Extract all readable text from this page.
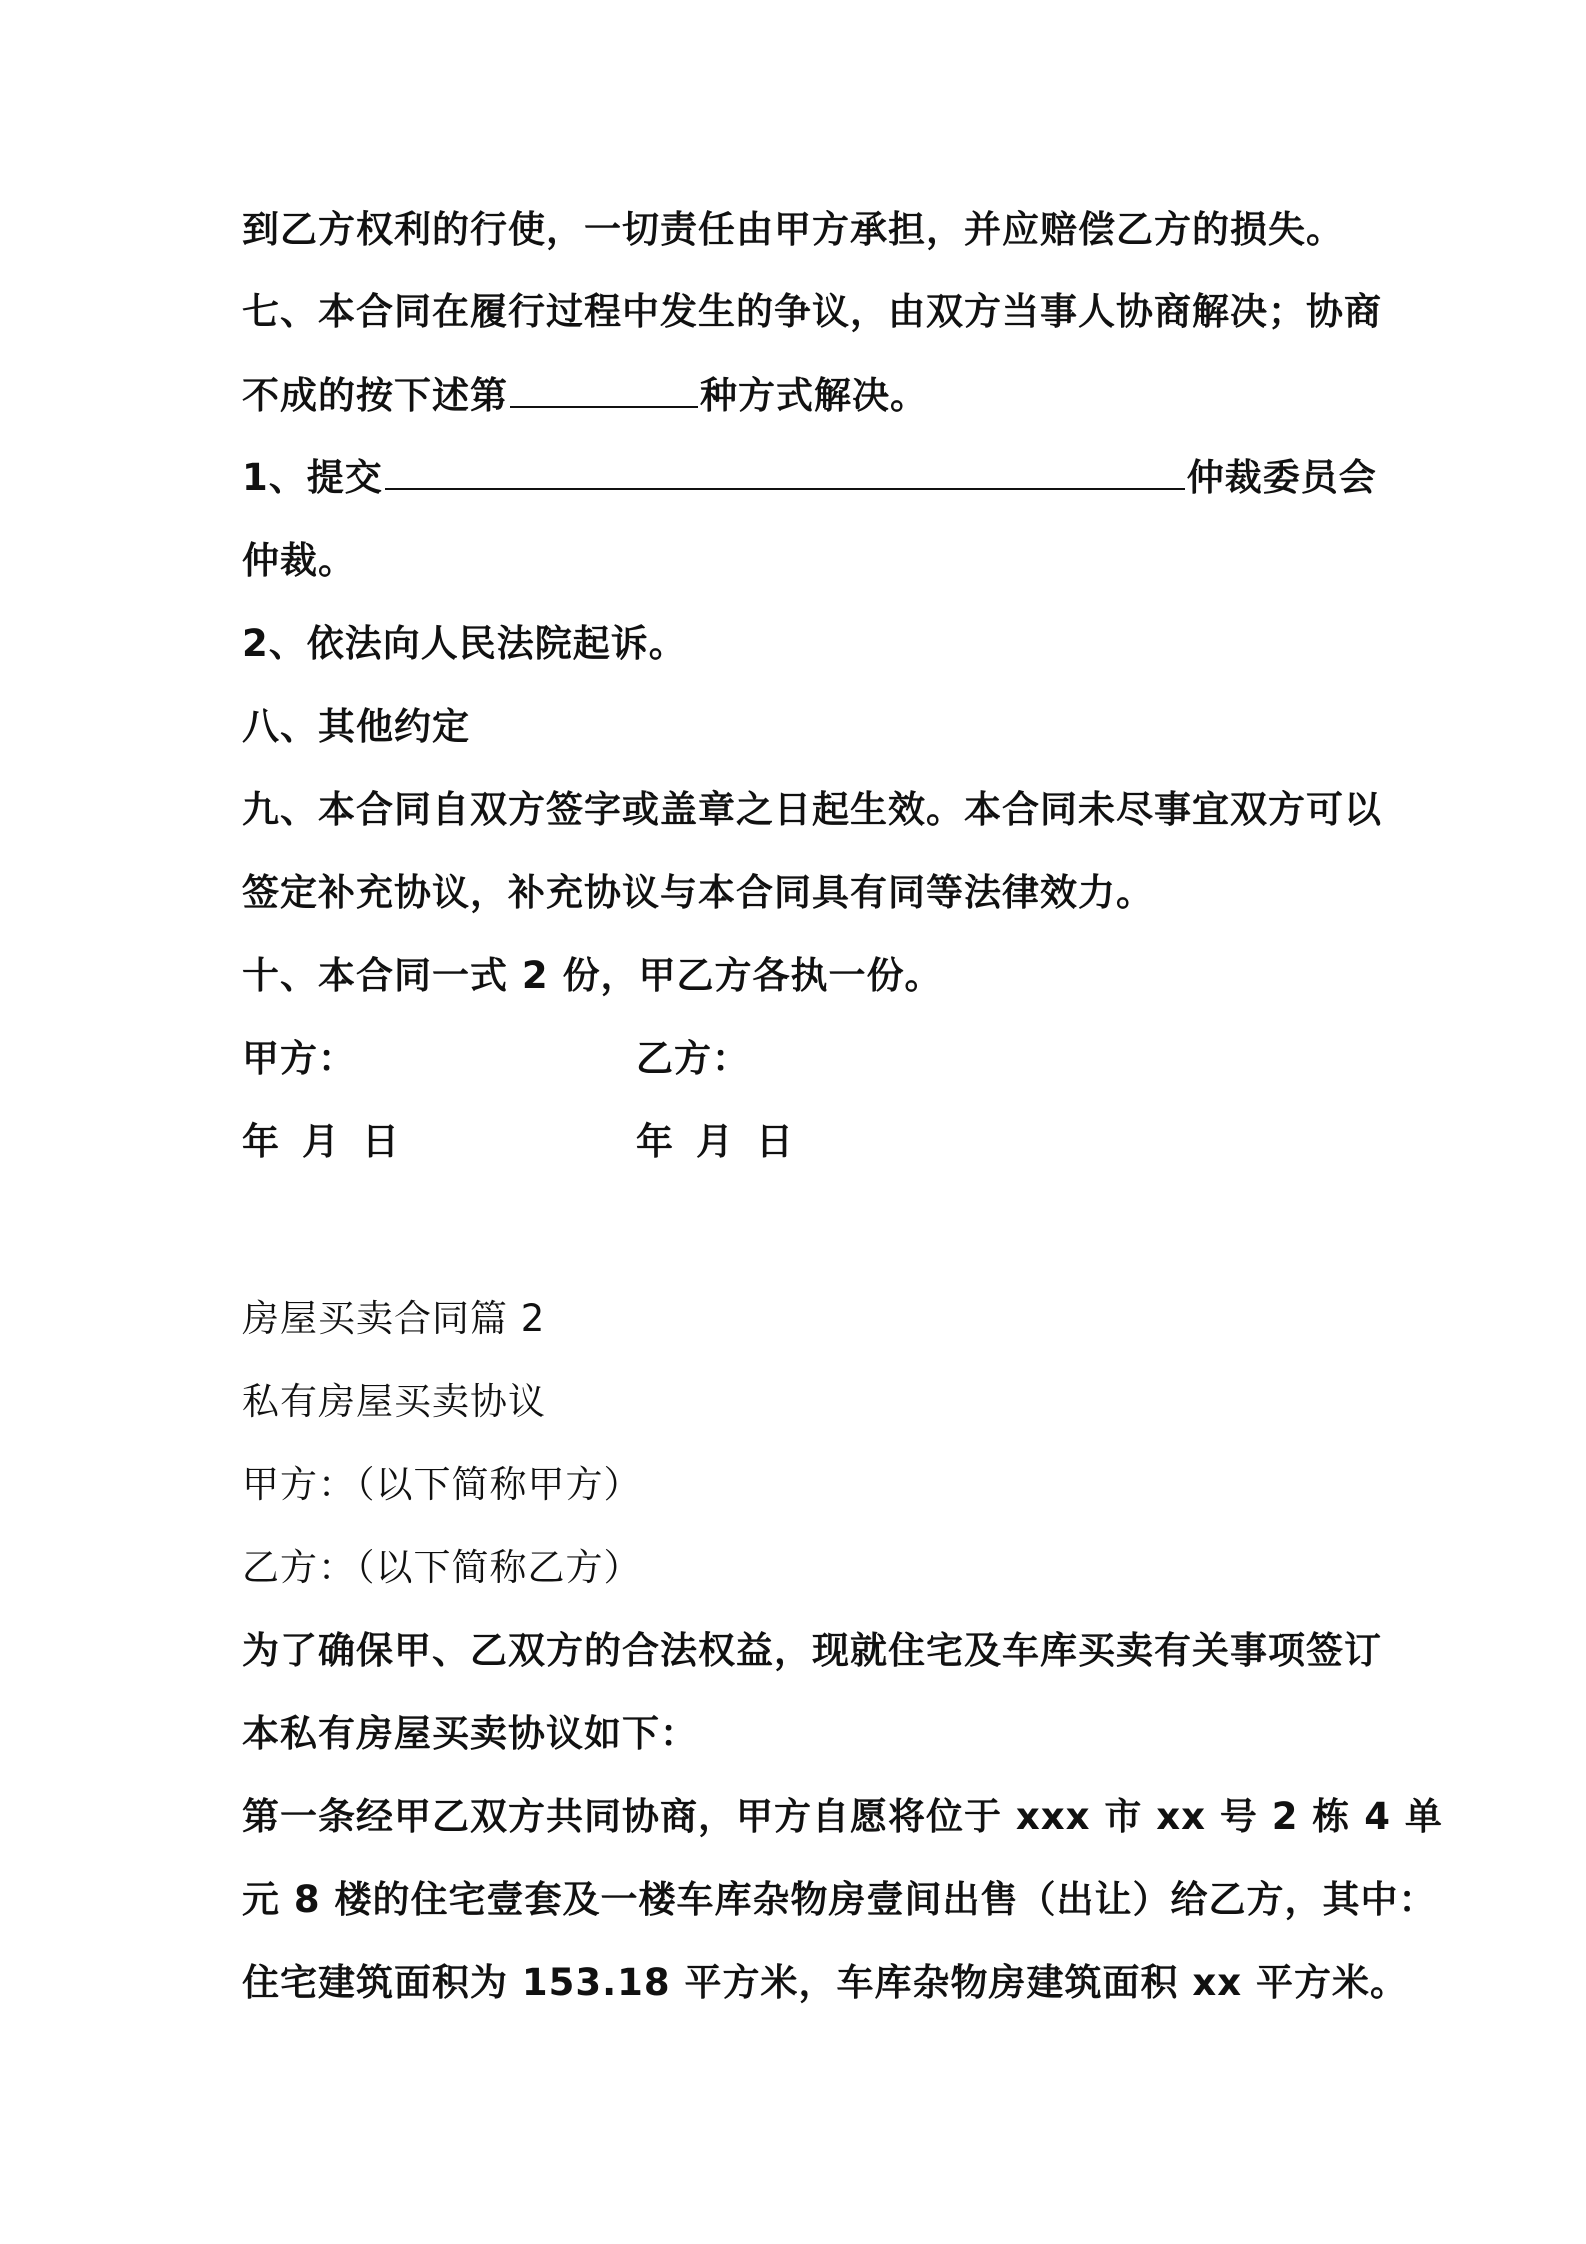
到乙方权利的行使，一切责任由甲方承担，并应赔偿乙方的损失。
七、本合同在履行过程中发生的争议，由双方当事人协商解决；协商
不成的按下述第	种方式解决。
1、提交	仲裁委员会
仲裁。
2、依法向人民法院起诉。
八、其他约定
九、本合同自双方签字或盖章之日起生效。本合同未尽事宜双方可以
签定补充协议，补充协议与本合同具有同等法律效力。
十、本合同一式 2 份，甲乙方各执一份。
甲方：	乙方：
年 月 日	年 月 日
房屋买卖合同篇 2
私有房屋买卖协议
甲方：（以下简称甲方）
乙方：（以下简称乙方）
为了确保甲、乙双方的合法权益，现就住宅及车库买卖有关事项签订
本私有房屋买卖协议如下：
第一条经甲乙双方共同协商，甲方自愿将位于 xxx 市 xx 号 2 栋 4 单
元 8 楼的住宅壹套及一楼车库杂物房壹间出售（出让）给乙方，其中：
住宅建筑面积为 153.18 平方米，车库杂物房建筑面积 xx 平方米。
